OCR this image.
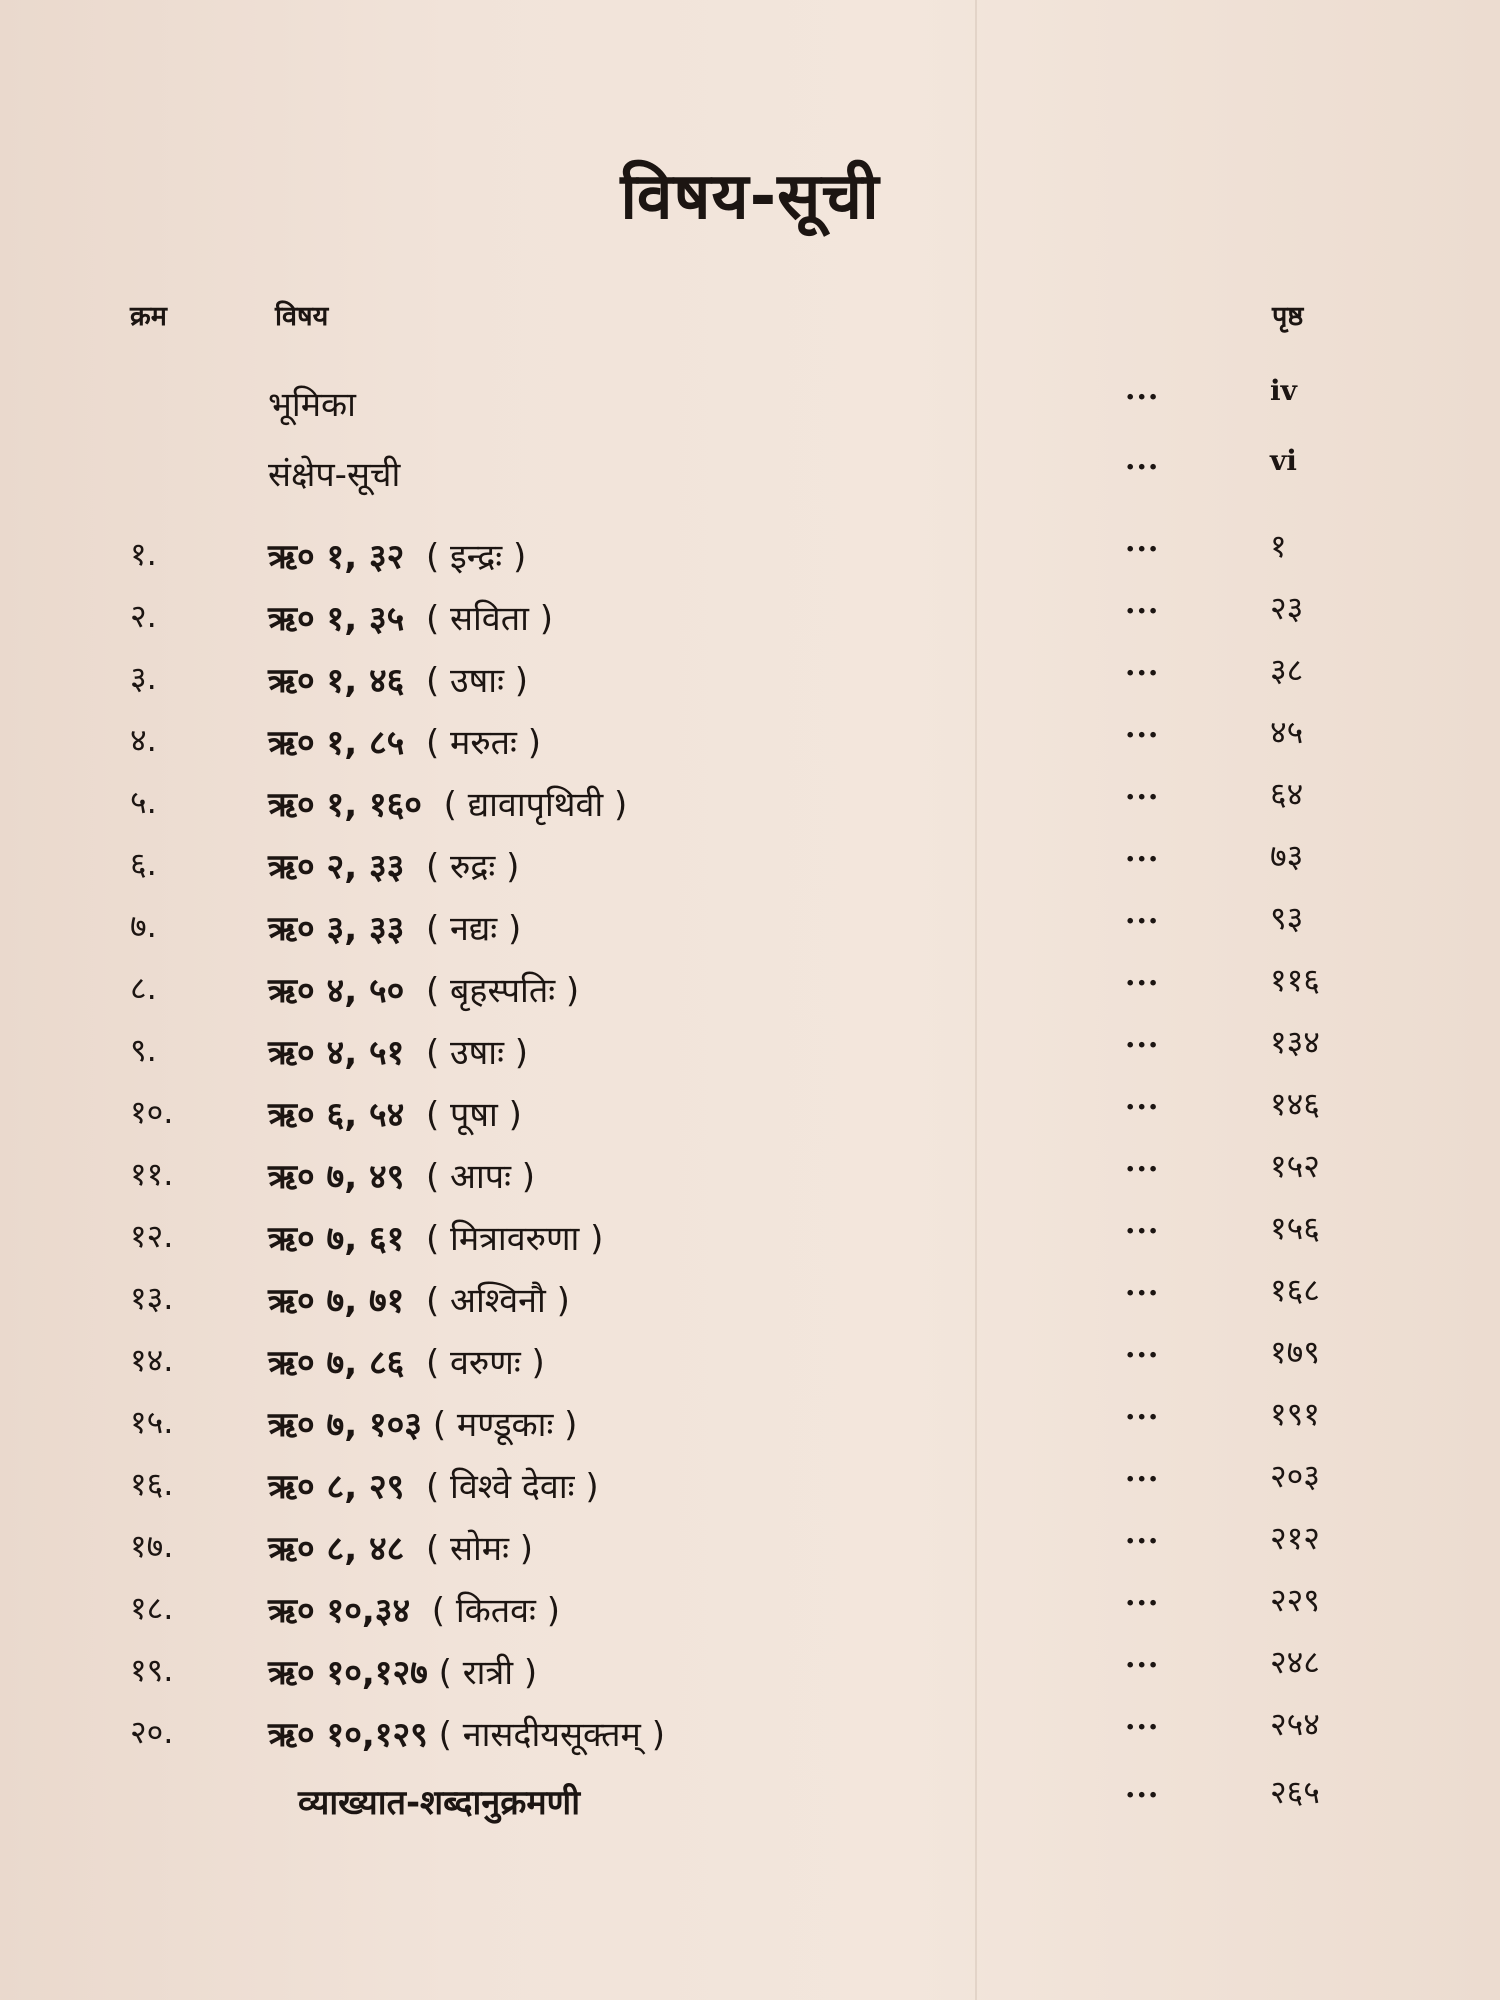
विषय-सूची
क्रम	विषय	पृष्ठ
भूमिका	...	iv
संक्षेप-सूची	...	vi
१.	ऋ० १, ३२ ( इन्द्रः )	...	१
२.	ऋ० १, ३५ ( सविता )	...	२३
३.	ऋ० १, ४६ ( उषाः )	...	३८
४.	ऋ० १, ८५ ( मरुतः )	...	४५
५.	ऋ० १, १६० ( द्यावापृथिवी )	...	६४
६.	ऋ० २, ३३ ( रुद्रः )	...	७३
७.	ऋ० ३, ३३ ( नद्यः )	...	९३
८.	ऋ० ४, ५० ( बृहस्पतिः )	...	११६
९.	ऋ० ४, ५१ ( उषाः )	...	१३४
१०.	ऋ० ६, ५४ ( पूषा )	...	१४६
११.	ऋ० ७, ४९ ( आपः )	...	१५२
१२.	ऋ० ७, ६१ ( मित्रावरुणा )	...	१५६
१३.	ऋ० ७, ७१ ( अश्विनौ )	...	१६८
१४.	ऋ० ७, ८६ ( वरुणः )	...	१७९
१५.	ऋ० ७, १०३ ( मण्डूकाः )	...	१९१
१६.	ऋ० ८, २९ ( विश्वे देवाः )	...	२०३
१७.	ऋ० ८, ४८ ( सोमः )	...	२१२
१८.	ऋ० १०,३४ ( कितवः )	...	२२९
१९.	ऋ० १०,१२७ ( रात्री )	...	२४८
२०.	ऋ० १०,१२९ ( नासदीयसूक्तम् )	...	२५४
व्याख्यात-शब्दानुक्रमणी	...	२६५
